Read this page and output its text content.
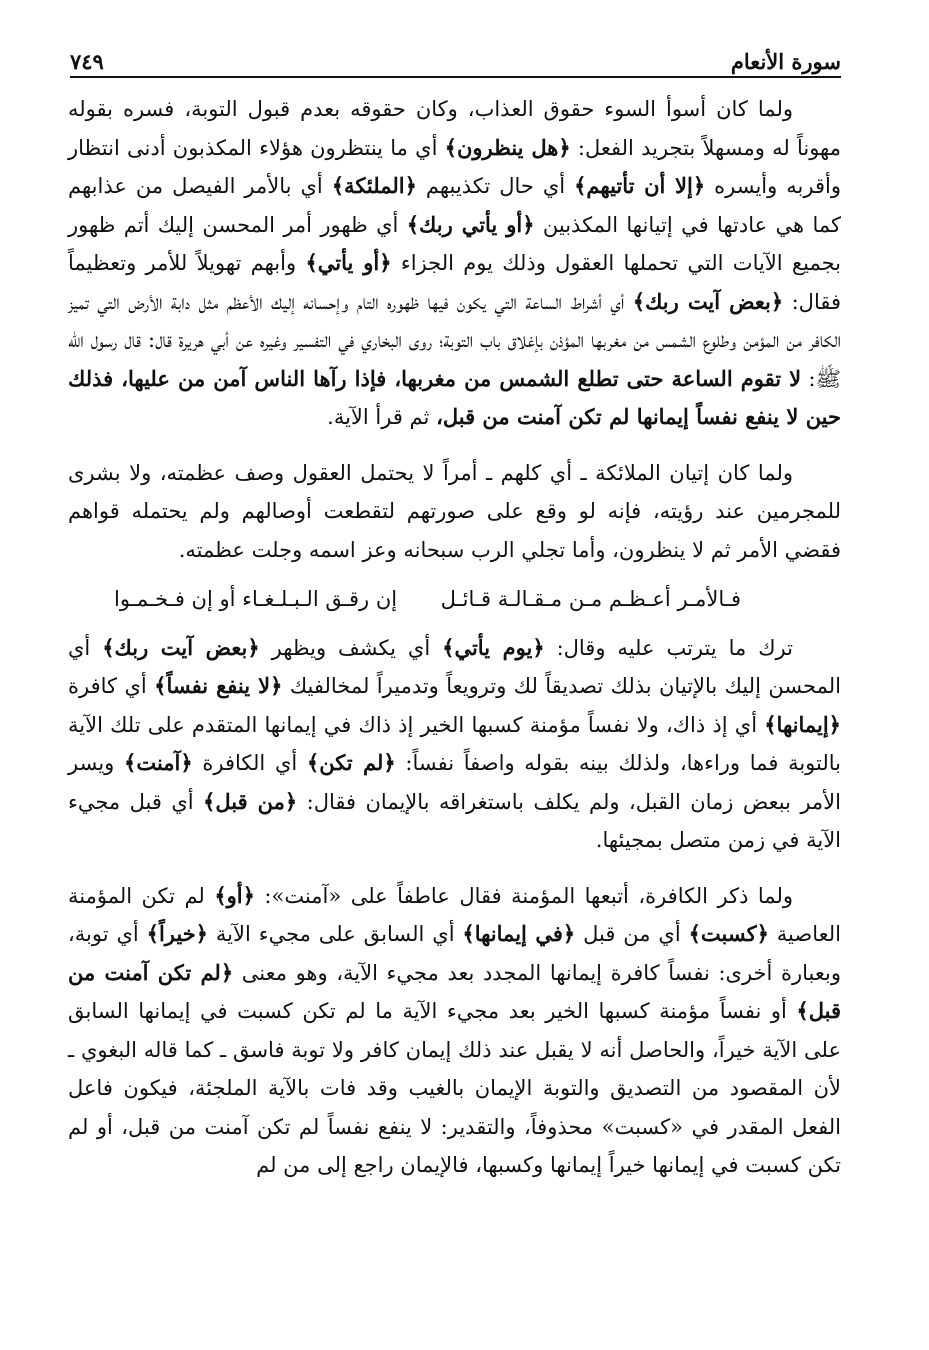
سورة الأنعام
٧٤٩

ولما كان أسوأ السوء حقوق العذاب، وكان حقوقه بعدم قبول التوبة، فسره بقوله مهوناً له ومسهلاً بتجريد الفعل: ﴿هل ينظرون﴾ أي ما ينتظرون هؤلاء المكذبون أدنى انتظار وأقربه وأيسره ﴿إلا أن تأتيهم﴾ أي حال تكذيبهم ﴿الملئكة﴾ أي بالأمر الفيصل من عذابهم كما هي عادتها في إتيانها المكذبين ﴿أو يأتي ربك﴾ أي ظهور أمر المحسن إليك أتم ظهور بجميع الآيات التي تحملها العقول وذلك يوم الجزاء ﴿أو يأتي﴾ وأبهم تهويلاً للأمر وتعظيماً فقال: ﴿بعض آيت ربك﴾ أي أشراط الساعة التي يكون فيها ظهوره التام وإحسانه إليك الأعظم مثل دابة الأرض التي تميز الكافر من المؤمن وطلوع الشمس من مغربها المؤذن بإغلاق باب التوبة؛ روى البخاري في التفسير وغيره عن أبي هريرة قال: قال رسول الله ﷺ: لا تقوم الساعة حتى تطلع الشمس من مغربها، فإذا رآها الناس آمن من عليها، فذلك حين لا ينفع نفساً إيمانها لم تكن آمنت من قبل، ثم قرأ الآية.

ولما كان إتيان الملائكة ـ أي كلهم ـ أمراً لا يحتمل العقول وصف عظمته، ولا بشرى للمجرمين عند رؤيته، فإنه لو وقع على صورتهم لتقطعت أوصالهم ولم يحتمله قواهم فقضي الأمر ثم لا ينظرون، وأما تجلي الرب سبحانه وعز اسمه وجلت عظمته.

فـالأمـر أعـظـم مـن مـقـالـة قـائـل
إن رقـق الـبـلـغـاء أو إن فـخـمـوا

ترك ما يترتب عليه وقال: ﴿يوم يأتي﴾ أي يكشف ويظهر ﴿بعض آيت ربك﴾ أي المحسن إليك بالإتيان بذلك تصديقاً لك وترويعاً وتدميراً لمخالفيك ﴿لا ينفع نفساً﴾ أي كافرة ﴿إيمانها﴾ أي إذ ذاك، ولا نفساً مؤمنة كسبها الخير إذ ذاك في إيمانها المتقدم على تلك الآية بالتوبة فما وراءها، ولذلك بينه بقوله واصفاً نفساً: ﴿لم تكن﴾ أي الكافرة ﴿آمنت﴾ ويسر الأمر ببعض زمان القبل، ولم يكلف باستغراقه بالإيمان فقال: ﴿من قبل﴾ أي قبل مجيء الآية في زمن متصل بمجيئها.

ولما ذكر الكافرة، أتبعها المؤمنة فقال عاطفاً على «آمنت»: ﴿أو﴾ لم تكن المؤمنة العاصية ﴿كسبت﴾ أي من قبل ﴿في إيمانها﴾ أي السابق على مجيء الآية ﴿خيراً﴾ أي توبة، وبعبارة أخرى: نفساً كافرة إيمانها المجدد بعد مجيء الآية، وهو معنى ﴿لم تكن آمنت من قبل﴾ أو نفساً مؤمنة كسبها الخير بعد مجيء الآية ما لم تكن كسبت في إيمانها السابق على الآية خيراً، والحاصل أنه لا يقبل عند ذلك إيمان كافر ولا توبة فاسق ـ كما قاله البغوي ـ لأن المقصود من التصديق والتوبة الإيمان بالغيب وقد فات بالآية الملجئة، فيكون فاعل الفعل المقدر في «كسبت» محذوفاً، والتقدير: لا ينفع نفساً لم تكن آمنت من قبل، أو لم تكن كسبت في إيمانها خيراً إيمانها وكسبها، فالإيمان راجع إلى من لم
